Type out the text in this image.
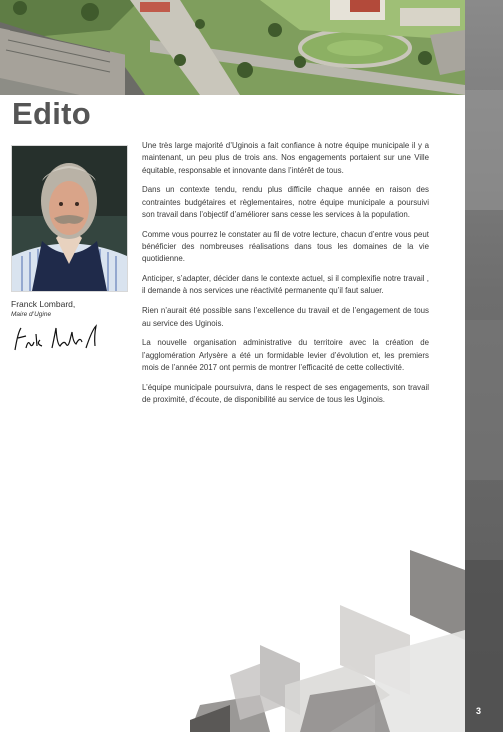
3
Edito
Franck Lombard,
Maire d’Ugine

Une très large majorité d’Uginois a fait confiance à notre équipe municipale il y a maintenant, un peu plus de trois ans. Nos engagements portaient sur une Ville équitable, responsable et innovante dans l’intérêt de tous.

Dans un contexte tendu, rendu plus difficile chaque année en raison des contraintes budgétaires et règlementaires, notre équipe municipale a poursuivi son travail dans l’objectif d’améliorer sans cesse les services à la population.

Comme vous pourrez le constater au fil de votre lecture, chacun d’entre vous peut bénéficier des nombreuses réalisations dans tous les domaines de la vie quotidienne.

Anticiper, s’adapter, décider dans le contexte actuel, si il complexifie notre travail , il demande à nos services une réactivité permanente qu’il faut saluer.

Rien n’aurait été possible sans l’excellence du travail et de l’engagement de tous au service des Uginois.

La nouvelle organisation administrative du territoire avec la création de l’agglomération Arlysère a été un formidable levier d’évolution et, les premiers mois de l’année 2017 ont permis de montrer l’efficacité de cette collectivité.

L’équipe municipale poursuivra, dans le respect de ses engagements, son travail de proximité, d’écoute, de disponibilité au service de tous les Uginois.
